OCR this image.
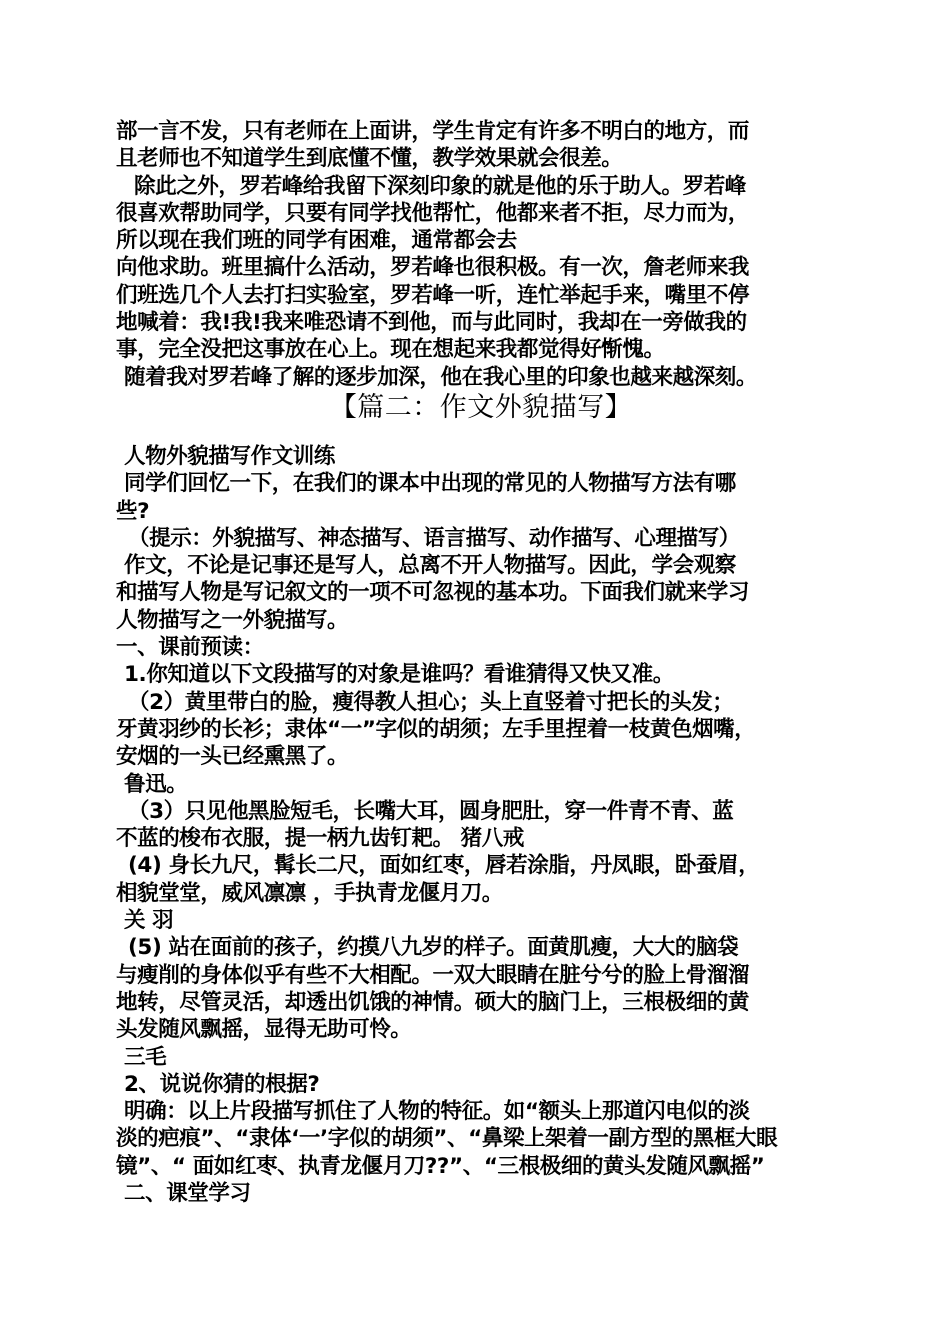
部一言不发，只有老师在上面讲，学生肯定有许多不明白的地方，而
且老师也不知道学生到底懂不懂，教学效果就会很差。
除此之外，罗若峰给我留下深刻印象的就是他的乐于助人。罗若峰
很喜欢帮助同学，只要有同学找他帮忙，他都来者不拒，尽力而为，
所以现在我们班的同学有困难，通常都会去
向他求助。班里搞什么活动，罗若峰也很积极。有一次，詹老师来我
们班选几个人去打扫实验室，罗若峰一听，连忙举起手来，嘴里不停
地喊着：我!我!我来唯恐请不到他，而与此同时，我却在一旁做我的
事，完全没把这事放在心上。现在想起来我都觉得好惭愧。
随着我对罗若峰了解的逐步加深，他在我心里的印象也越来越深刻。
【篇二：作文外貌描写】
人物外貌描写作文训练
同学们回忆一下，在我们的课本中出现的常见的人物描写方法有哪
些?
（提示：外貌描写、神态描写、语言描写、动作描写、心理描写）
作文，不论是记事还是写人，总离不开人物描写。因此，学会观察
和描写人物是写记叙文的一项不可忽视的基本功。下面我们就来学习
人物描写之一外貌描写。
一、课前预读：
1.你知道以下文段描写的对象是谁吗？看谁猜得又快又准。
（2）黄里带白的脸，瘦得教人担心；头上直竖着寸把长的头发；
牙黄羽纱的长衫；隶体“一”字似的胡须；左手里捏着一枝黄色烟嘴，
安烟的一头已经熏黑了。
鲁迅。
（3）只见他黑脸短毛，长嘴大耳，圆身肥肚，穿一件青不青、蓝
不蓝的梭布衣服，提一柄九齿钉耙。 猪八戒
(4) 身长九尺，髯长二尺，面如红枣，唇若涂脂，丹凤眼，卧蚕眉，
相貌堂堂，威风凛凛 ，手执青龙偃月刀。
关 羽
(5) 站在面前的孩子，约摸八九岁的样子。面黄肌瘦，大大的脑袋
与瘦削的身体似乎有些不大相配。一双大眼睛在脏兮兮的脸上骨溜溜
地转，尽管灵活，却透出饥饿的神情。硕大的脑门上，三根极细的黄
头发随风飘摇，显得无助可怜。
三毛
2、说说你猜的根据?
明确：以上片段描写抓住了人物的特征。如“额头上那道闪电似的淡
淡的疤痕”、“隶体‘一’字似的胡须”、“鼻梁上架着一副方型的黑框大眼
镜”、“ 面如红枣、执青龙偃月刀??”、“三根极细的黄头发随风飘摇”
二、课堂学习
